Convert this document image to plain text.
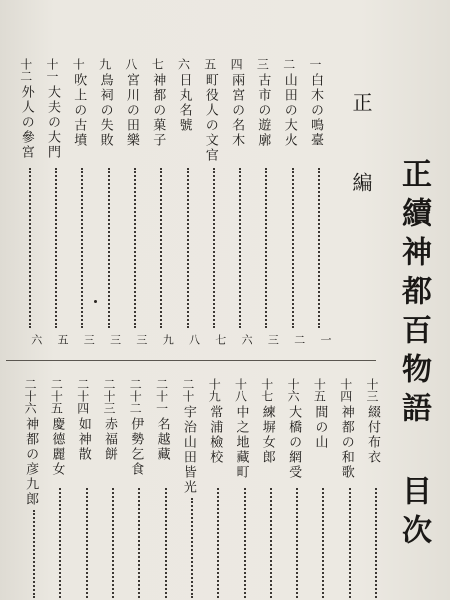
正續神都百物語 目次
正編
一
白木の鳴臺
一
二
山田の大火
二
三
古市の遊廓
三
四
兩宮の名木
六
五
町役人の文官
七
六
日丸名號
八
七
神都の菓子
九
八
宮川の田樂
三
九
鳥祠の失敗
三
十
吹上の古墳
三
十一
大夫の大門
五
十二
外人の參宮
六
十三
綴付布衣
十四
神都の和歌
十五
間の山
十六
大橋の網受
十七
練塀女郎
十八
中之地藏町
十九
常浦檢校
二十
宇治山田皆光
二十一
名越藏
二十二
伊勢乞食
二十三
赤福餅
二十四
如神散
二十五
慶德麗女
二十六
神都の彦九郎
